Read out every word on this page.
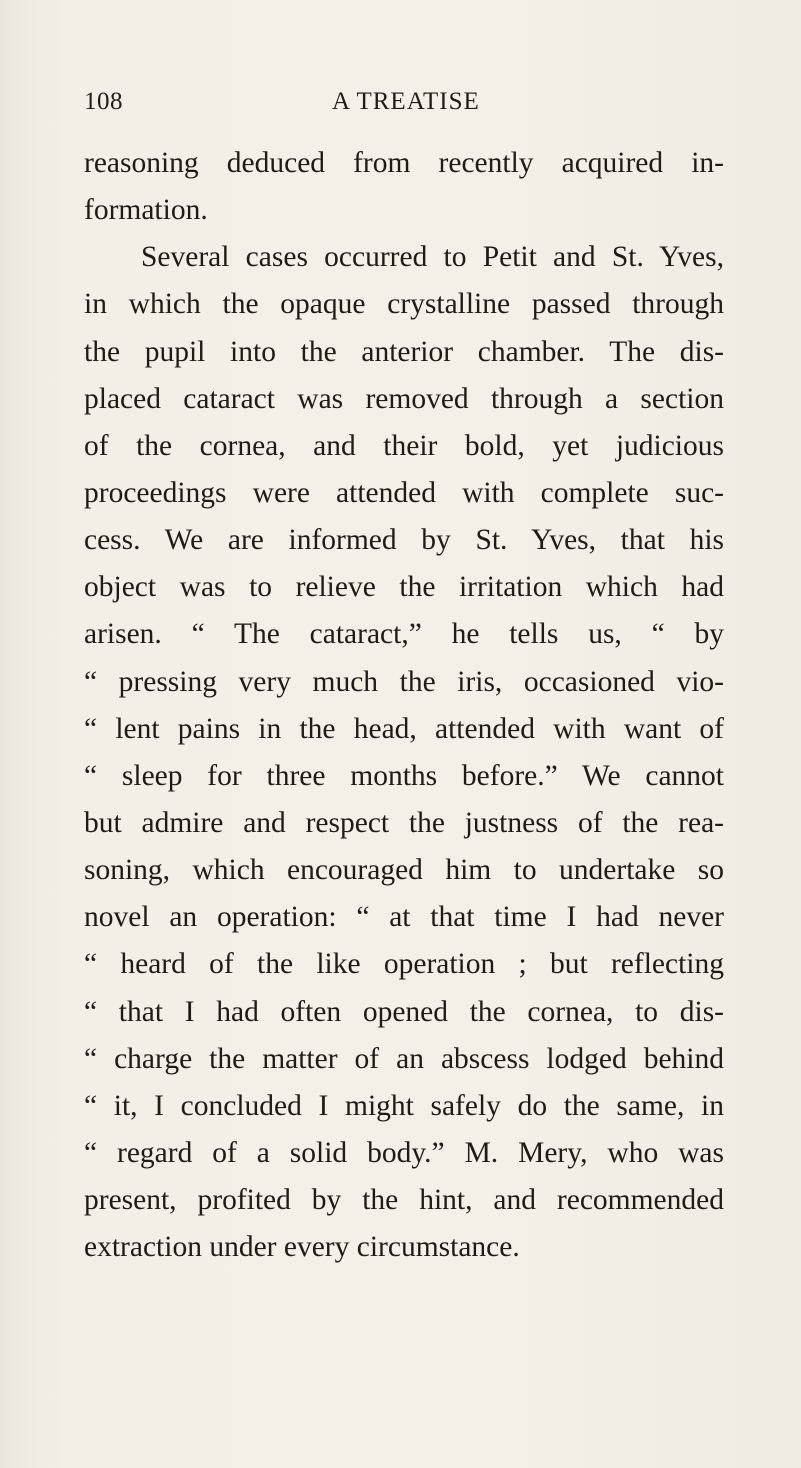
108	A TREATISE
reasoning deduced from recently acquired in-
formation.
Several cases occurred to Petit and St. Yves,
in which the opaque crystalline passed through
the pupil into the anterior chamber. The dis-
placed cataract was removed through a section
of the cornea, and their bold, yet judicious
proceedings were attended with complete suc-
cess. We are informed by St. Yves, that his
object was to relieve the irritation which had
arisen. “ The cataract,” he tells us, “ by
“ pressing very much the iris, occasioned vio-
“ lent pains in the head, attended with want of
“ sleep for three months before.” We cannot
but admire and respect the justness of the rea-
soning, which encouraged him to undertake so
novel an operation: “ at that time I had never
“ heard of the like operation ; but reflecting
“ that I had often opened the cornea, to dis-
“ charge the matter of an abscess lodged behind
“ it, I concluded I might safely do the same, in
“ regard of a solid body.” M. Mery, who was
present, profited by the hint, and recommended
extraction under every circumstance.
